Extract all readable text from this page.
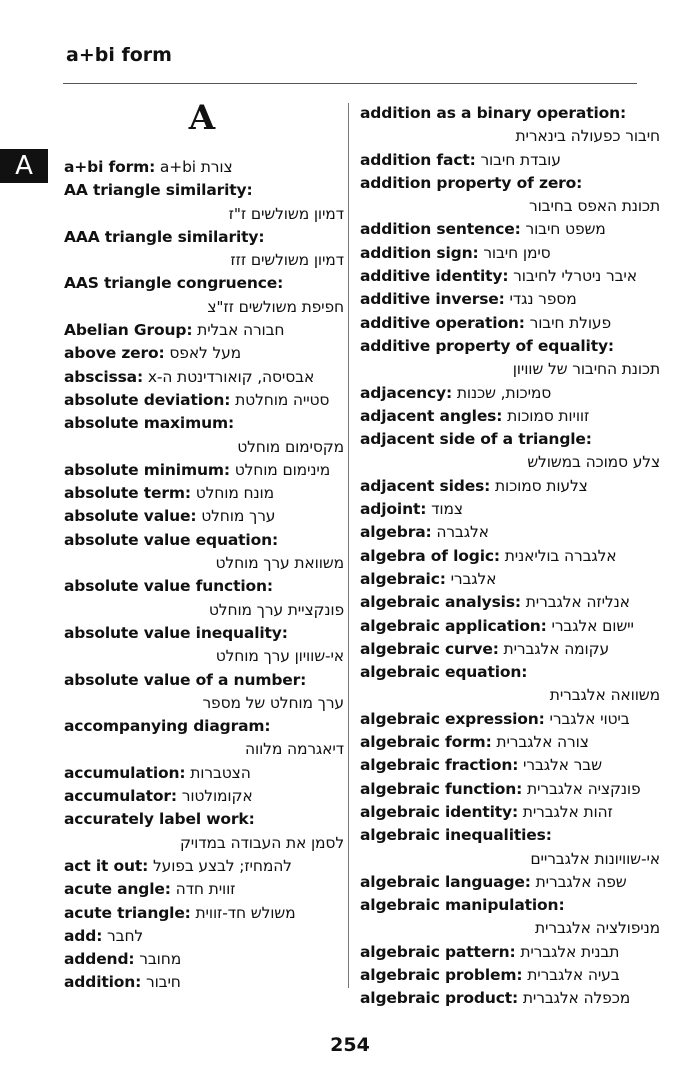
a+bi form
A
A
a+bi form: צורת a+bi
AA triangle similarity:
דמיון משולשים ז"ז
AAA triangle similarity:
דמיון משולשים זזז
AAS triangle congruence:
חפיפת משולשים זז"צ
Abelian Group: חבורה אבלית
above zero: מעל לאפס
abscissa: אבסיסה, קואורדינטת ה-x
absolute deviation: סטייה מוחלטת
absolute maximum:
מקסימום מוחלט
absolute minimum: מינימום מוחלט
absolute term: מונח מוחלט
absolute value: ערך מוחלט
absolute value equation:
משוואת ערך מוחלט
absolute value function:
פונקציית ערך מוחלט
absolute value inequality:
אי-שוויון ערך מוחלט
absolute value of a number:
ערך מוחלט של מספר
accompanying diagram:
דיאגרמה מלווה
accumulation: הצטברות
accumulator: אקומולטור
accurately label work:
לסמן את העבודה במדויק
act it out: להמחיז; לבצע בפועל
acute angle: זווית חדה
acute triangle: משולש חד-זווית
add: לחבר
addend: מחובר
addition: חיבור
addition as a binary operation:
חיבור כפעולה בינארית
addition fact: עובדת חיבור
addition property of zero:
תכונת האפס בחיבור
addition sentence: משפט חיבור
addition sign: סימן חיבור
additive identity: איבר ניטרלי לחיבור
additive inverse: מספר נגדי
additive operation: פעולת חיבור
additive property of equality:
תכונת החיבור של שוויון
adjacency: סמיכות, שכנות
adjacent angles: זוויות סמוכות
adjacent side of a triangle:
צלע סמוכה במשולש
adjacent sides: צלעות סמוכות
adjoint: צמוד
algebra: אלגברה
algebra of logic: אלגברה בוליאנית
algebraic: אלגברי
algebraic analysis: אנליזה אלגברית
algebraic application: יישום אלגברי
algebraic curve: עקומה אלגברית
algebraic equation:
משוואה אלגברית
algebraic expression: ביטוי אלגברי
algebraic form: צורה אלגברית
algebraic fraction: שבר אלגברי
algebraic function: פונקציה אלגברית
algebraic identity: זהות אלגברית
algebraic inequalities:
אי-שוויונות אלגבריים
algebraic language: שפה אלגברית
algebraic manipulation:
מניפולציה אלגברית
algebraic pattern: תבנית אלגברית
algebraic problem: בעיה אלגברית
algebraic product: מכפלה אלגברית
254
